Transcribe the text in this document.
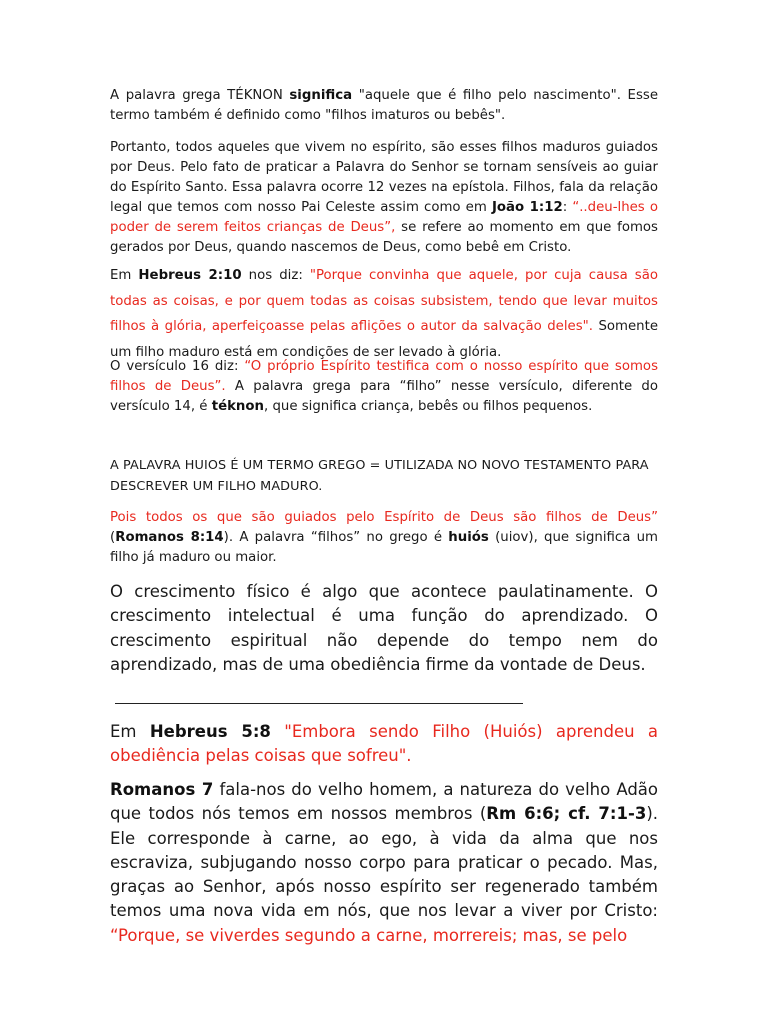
A palavra grega TÉKNON significa "aquele que é filho pelo nascimento". Esse termo também é definido como "filhos imaturos ou bebês".

Portanto, todos aqueles que vivem no espírito, são esses filhos maduros guiados por Deus. Pelo fato de praticar a Palavra do Senhor se tornam sensíveis ao guiar do Espírito Santo. Essa palavra ocorre 12 vezes na epístola. Filhos, fala da relação legal que temos com nosso Pai Celeste assim como em João 1:12: “..deu-lhes o poder de serem feitos crianças de Deus”, se refere ao momento em que fomos gerados por Deus, quando nascemos de Deus, como bebê em Cristo.

Em Hebreus 2:10 nos diz: "Porque convinha que aquele, por cuja causa são todas as coisas, e por quem todas as coisas subsistem, tendo que levar muitos filhos à glória, aperfeiçoasse pelas aflições o autor da salvação deles". Somente um filho maduro está em condições de ser levado à glória.

O versículo 16 diz: “O próprio Espírito testifica com o nosso espírito que somos filhos de Deus”. A palavra grega para “filho” nesse versículo, diferente do versículo 14, é téknon, que significa criança, bebês ou filhos pequenos.

A PALAVRA HUIOS É UM TERMO GREGO = UTILIZADA NO NOVO TESTAMENTO PARA DESCREVER UM FILHO MADURO.

Pois todos os que são guiados pelo Espírito de Deus são filhos de Deus” (Romanos 8:14). A palavra “filhos” no grego é huiós (uiov), que significa um filho já maduro ou maior.

O crescimento físico é algo que acontece paulatinamente. O crescimento intelectual é uma função do aprendizado. O crescimento espiritual não depende do tempo nem do aprendizado, mas de uma obediência firme da vontade de Deus.

Em Hebreus 5:8 "Embora sendo Filho (Huiós) aprendeu a obediência pelas coisas que sofreu".

Romanos 7 fala-nos do velho homem, a natureza do velho Adão que todos nós temos em nossos membros (Rm 6:6; cf. 7:1-3). Ele corresponde à carne, ao ego, à vida da alma que nos escraviza, subjugando nosso corpo para praticar o pecado. Mas, graças ao Senhor, após nosso espírito ser regenerado também temos uma nova vida em nós, que nos levar a viver por Cristo: “Porque, se viverdes segundo a carne, morrereis; mas, se pelo
